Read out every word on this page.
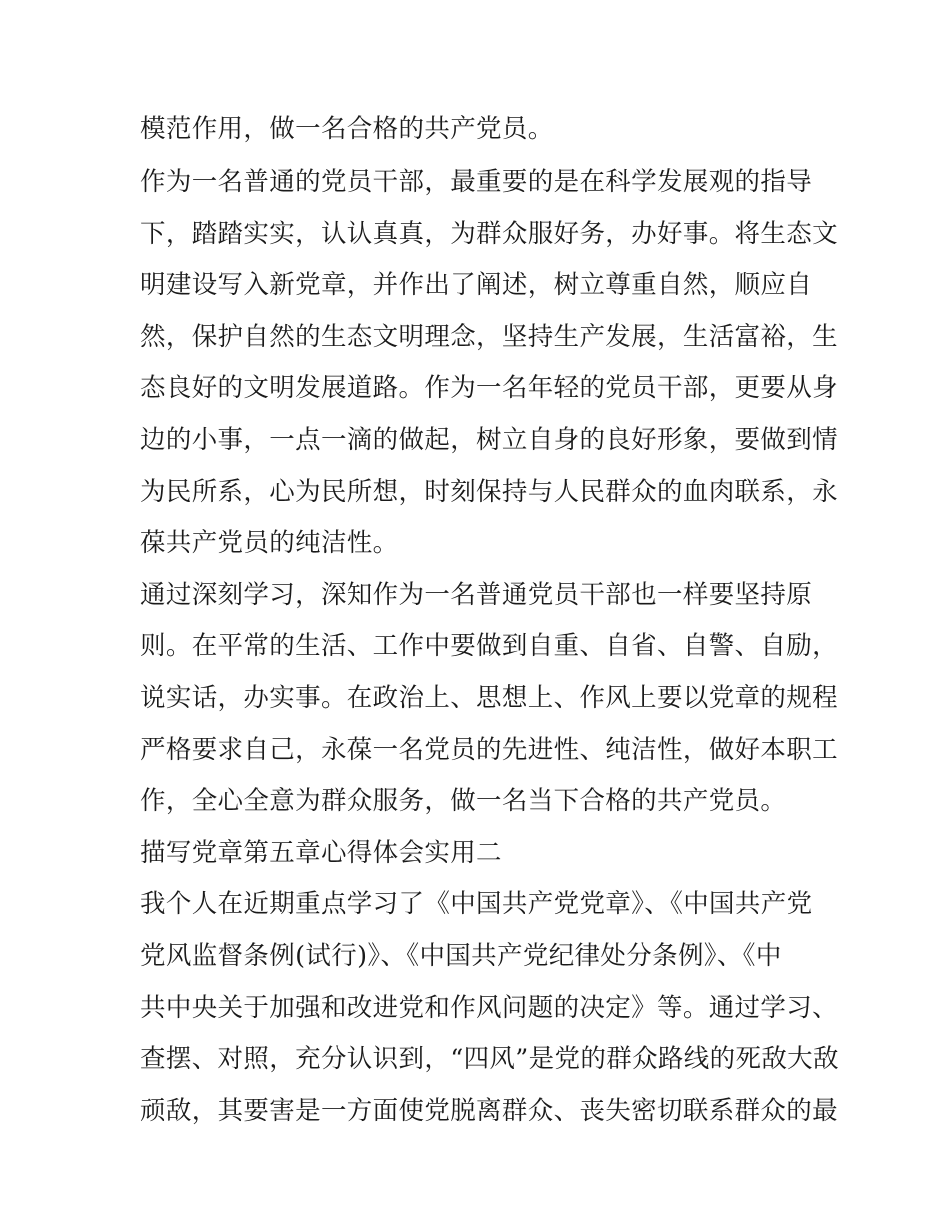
模范作用，做一名合格的共产党员。
作为一名普通的党员干部，最重要的是在科学发展观的指导
下，踏踏实实，认认真真，为群众服好务，办好事。将生态文
明建设写入新党章，并作出了阐述，树立尊重自然，顺应自
然，保护自然的生态文明理念，坚持生产发展，生活富裕，生
态良好的文明发展道路。作为一名年轻的党员干部，更要从身
边的小事，一点一滴的做起，树立自身的良好形象，要做到情
为民所系，心为民所想，时刻保持与人民群众的血肉联系，永
葆共产党员的纯洁性。
通过深刻学习，深知作为一名普通党员干部也一样要坚持原
则。在平常的生活、工作中要做到自重、自省、自警、自励，
说实话，办实事。在政治上、思想上、作风上要以党章的规程
严格要求自己，永葆一名党员的先进性、纯洁性，做好本职工
作，全心全意为群众服务，做一名当下合格的共产党员。
描写党章第五章心得体会实用二
我个人在近期重点学习了《中国共产党党章》、《中国共产党
党风监督条例(试行)》、《中国共产党纪律处分条例》、《中
共中央关于加强和改进党和作风问题的决定》等。通过学习、
查摆、对照，充分认识到，“四风”是党的群众路线的死敌大敌
顽敌，其要害是一方面使党脱离群众、丧失密切联系群众的最
